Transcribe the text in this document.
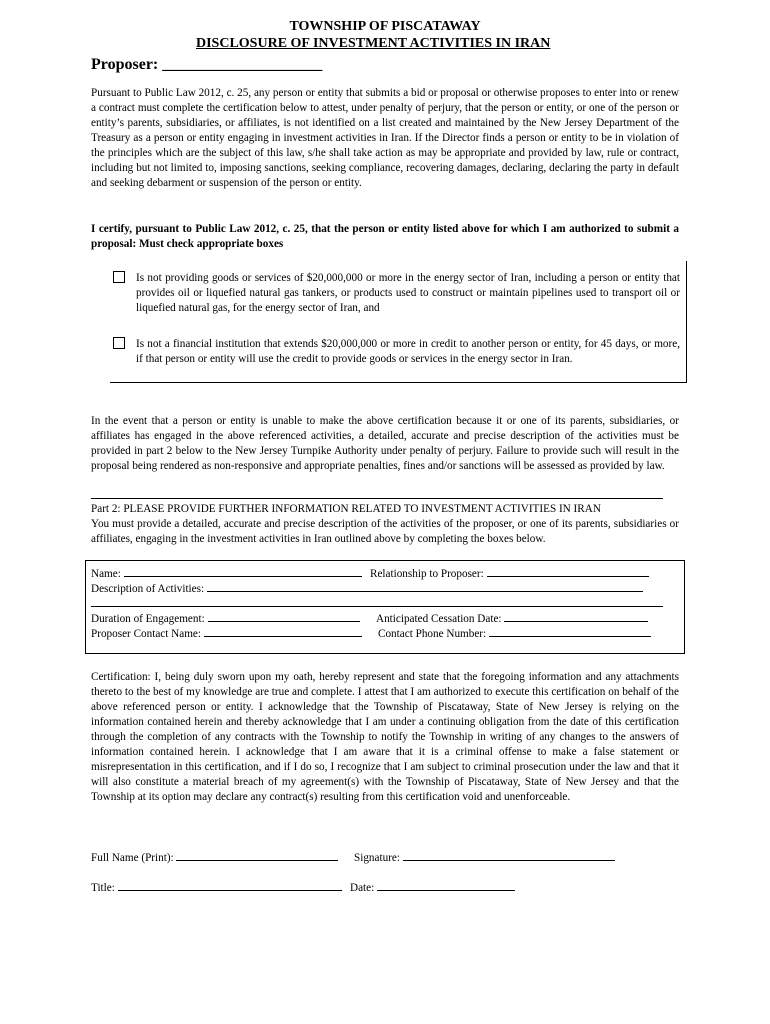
TOWNSHIP OF PISCATAWAY
DISCLOSURE OF INVESTMENT ACTIVITIES IN IRAN
Proposer: ____________________
Pursuant to Public Law 2012, c. 25, any person or entity that submits a bid or proposal or otherwise proposes to enter into or renew a contract must complete the certification below to attest, under penalty of perjury, that the person or entity, or one of the person or entity’s parents, subsidiaries, or affiliates, is not identified on a list created and maintained by the New Jersey Department of the Treasury as a person or entity engaging in investment activities in Iran. If the Director finds a person or entity to be in violation of the principles which are the subject of this law, s/he shall take action as may be appropriate and provided by law, rule or contract, including but not limited to, imposing sanctions, seeking compliance, recovering damages, declaring, declaring the party in default and seeking debarment or suspension of the person or entity.
I certify, pursuant to Public Law 2012, c. 25, that the person or entity listed above for which I am authorized to submit a proposal: Must check appropriate boxes
Is not providing goods or services of $20,000,000 or more in the energy sector of Iran, including a person or entity that provides oil or liquefied natural gas tankers, or products used to construct or maintain pipelines used to transport oil or liquefied natural gas, for the energy sector of Iran, and
Is not a financial institution that extends $20,000,000 or more in credit to another person or entity, for 45 days, or more, if that person or entity will use the credit to provide goods or services in the energy sector in Iran.
In the event that a person or entity is unable to make the above certification because it or one of its parents, subsidiaries, or affiliates has engaged in the above referenced activities, a detailed, accurate and precise description of the activities must be provided in part 2 below to the New Jersey Turnpike Authority under penalty of perjury. Failure to provide such will result in the proposal being rendered as non-responsive and appropriate penalties, fines and/or sanctions will be assessed as provided by law.
Part 2: PLEASE PROVIDE FURTHER INFORMATION RELATED TO INVESTMENT ACTIVITIES IN IRAN
You must provide a detailed, accurate and precise description of the activities of the proposer, or one of its parents, subsidiaries or affiliates, engaging in the investment activities in Iran outlined above by completing the boxes below.
Name:	Relationship to Proposer:
Description of Activities:
Duration of Engagement:	Anticipated Cessation Date:
Proposer Contact Name:	Contact Phone Number:
Certification: I, being duly sworn upon my oath, hereby represent and state that the foregoing information and any attachments thereto to the best of my knowledge are true and complete. I attest that I am authorized to execute this certification on behalf of the above referenced person or entity. I acknowledge that the Township of Piscataway, State of New Jersey is relying on the information contained herein and thereby acknowledge that I am under a continuing obligation from the date of this certification through the completion of any contracts with the Township to notify the Township in writing of any changes to the answers of information contained herein. I acknowledge that I am aware that it is a criminal offense to make a false statement or misrepresentation in this certification, and if I do so, I recognize that I am subject to criminal prosecution under the law and that it will also constitute a material breach of my agreement(s) with the Township of Piscataway, State of New Jersey and that the Township at its option may declare any contract(s) resulting from this certification void and unenforceable.
Full Name (Print):	Signature:
Title:	Date:
